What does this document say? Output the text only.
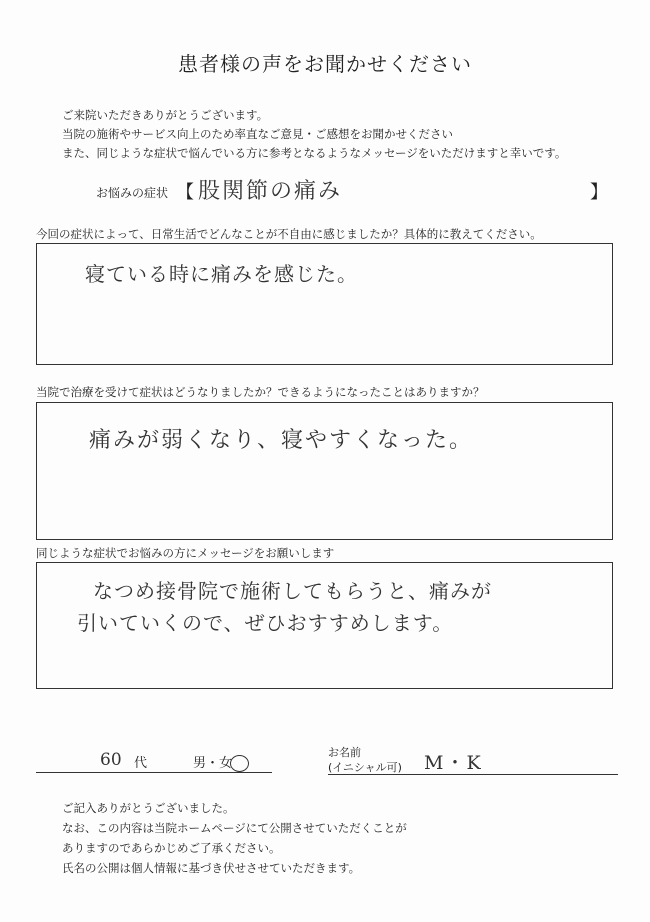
患者様の声をお聞かせください
ご来院いただきありがとうございます。
当院の施術やサービス向上のため率直なご意見・ご感想をお聞かせください
また、同じような症状で悩んでいる方に参考となるようなメッセージをいただけますと幸いです。
お悩みの症状 【 股関節の痛み	】
今回の症状によって、日常生活でどんなことが不自由に感じましたか？具体的に教えてください。
寝ている時に痛みを感じた。
当院で治療を受けて症状はどうなりましたか？できるようになったことはありますか？
痛みが弱くなり、寝やすくなった。
同じような症状でお悩みの方にメッセージをお願いします
なつめ接骨院で施術してもらうと、痛みが
引いていくので、ぜひおすすめします。
60 代	男・女
お名前
(イニシャル可) M・K
ご記入ありがとうございました。
なお、この内容は当院ホームページにて公開させていただくことが
ありますのであらかじめご了承ください。
氏名の公開は個人情報に基づき伏せさせていただきます。
